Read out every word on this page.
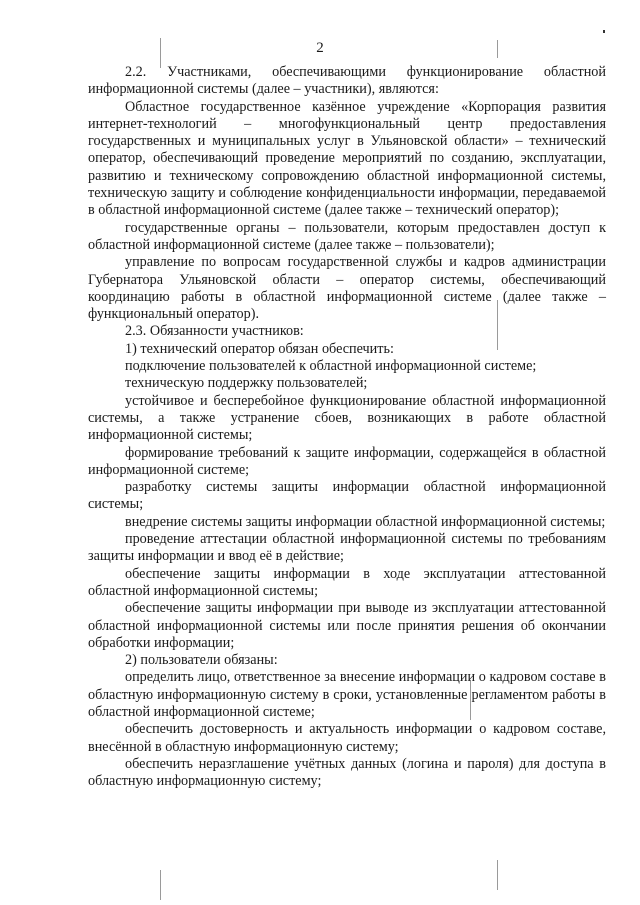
2

2.2. Участниками, обеспечивающими функционирование областной информационной системы (далее – участники), являются:

Областное государственное казённое учреждение «Корпорация развития интернет-технологий – многофункциональный центр предоставления государственных и муниципальных услуг в Ульяновской области» – технический оператор, обеспечивающий проведение мероприятий по созданию, эксплуатации, развитию и техническому сопровождению областной информационной системы, техническую защиту и соблюдение конфиденциальности информации, передаваемой в областной информационной системе (далее также – технический оператор);

государственные органы – пользователи, которым предоставлен доступ к областной информационной системе (далее также – пользователи);

управление по вопросам государственной службы и кадров администрации Губернатора Ульяновской области – оператор системы, обеспечивающий координацию работы в областной информационной системе (далее также – функциональный оператор).

2.3. Обязанности участников:

1) технический оператор обязан обеспечить:

подключение пользователей к областной информационной системе;

техническую поддержку пользователей;

устойчивое и бесперебойное функционирование областной информационной системы, а также устранение сбоев, возникающих в работе областной информационной системы;

формирование требований к защите информации, содержащейся в областной информационной системе;

разработку системы защиты информации областной информационной системы;

внедрение системы защиты информации областной информационной системы;

проведение аттестации областной информационной системы по требованиям защиты информации и ввод её в действие;

обеспечение защиты информации в ходе эксплуатации аттестованной областной информационной системы;

обеспечение защиты информации при выводе из эксплуатации аттестованной областной информационной системы или после принятия решения об окончании обработки информации;

2) пользователи обязаны:

определить лицо, ответственное за внесение информации о кадровом составе в областную информационную систему в сроки, установленные регламентом работы в областной информационной системе;

обеспечить достоверность и актуальность информации о кадровом составе, внесённой в областную информационную систему;

обеспечить неразглашение учётных данных (логина и пароля) для доступа в областную информационную систему;
